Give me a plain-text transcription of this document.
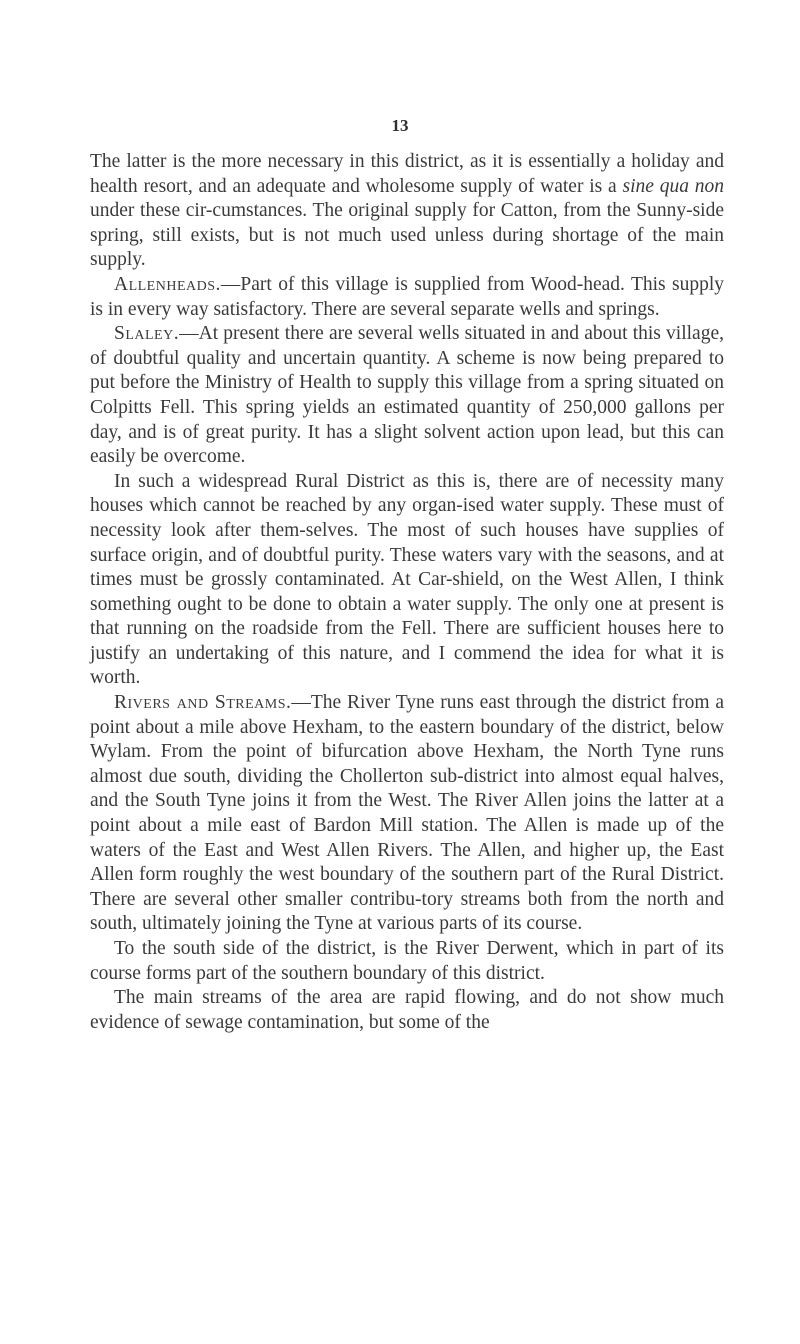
13

The latter is the more necessary in this district, as it is essentially a holiday and health resort, and an adequate and wholesome supply of water is a sine qua non under these cir-cumstances. The original supply for Catton, from the Sunny-side spring, still exists, but is not much used unless during shortage of the main supply.

Allenheads.—Part of this village is supplied from Wood-head. This supply is in every way satisfactory. There are several separate wells and springs.

Slaley.—At present there are several wells situated in and about this village, of doubtful quality and uncertain quantity. A scheme is now being prepared to put before the Ministry of Health to supply this village from a spring situated on Colpitts Fell. This spring yields an estimated quantity of 250,000 gallons per day, and is of great purity. It has a slight solvent action upon lead, but this can easily be overcome.

In such a widespread Rural District as this is, there are of necessity many houses which cannot be reached by any organ-ised water supply. These must of necessity look after them-selves. The most of such houses have supplies of surface origin, and of doubtful purity. These waters vary with the seasons, and at times must be grossly contaminated. At Car-shield, on the West Allen, I think something ought to be done to obtain a water supply. The only one at present is that running on the roadside from the Fell. There are sufficient houses here to justify an undertaking of this nature, and I commend the idea for what it is worth.

Rivers and Streams.—The River Tyne runs east through the district from a point about a mile above Hexham, to the eastern boundary of the district, below Wylam. From the point of bifurcation above Hexham, the North Tyne runs almost due south, dividing the Chollerton sub-district into almost equal halves, and the South Tyne joins it from the West. The River Allen joins the latter at a point about a mile east of Bardon Mill station. The Allen is made up of the waters of the East and West Allen Rivers. The Allen, and higher up, the East Allen form roughly the west boundary of the southern part of the Rural District. There are several other smaller contribu-tory streams both from the north and south, ultimately joining the Tyne at various parts of its course.

To the south side of the district, is the River Derwent, which in part of its course forms part of the southern boundary of this district.

The main streams of the area are rapid flowing, and do not show much evidence of sewage contamination, but some of the
